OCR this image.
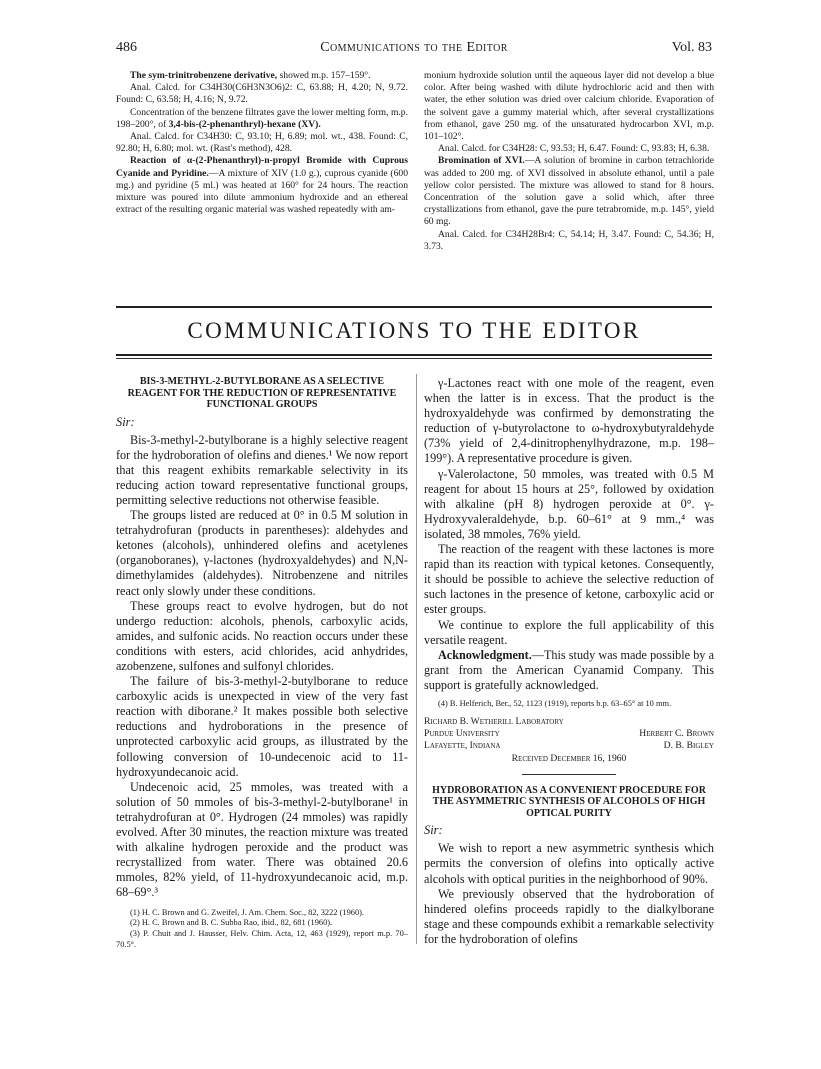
486	Communications to the Editor	Vol. 83

The sym-trinitrobenzene derivative, showed m.p. 157–159°.

Anal. Calcd. for C34H30(C6H3N3O6)2: C, 63.88; H, 4.20; N, 9.72. Found: C, 63.58; H, 4.16; N, 9.72.

Concentration of the benzene filtrates gave the lower melting form, m.p. 198–200°, of 3,4-bis-(2-phenanthryl)-hexane (XV).

Anal. Calcd. for C34H30: C, 93.10; H, 6.89; mol. wt., 438. Found: C, 92.80; H, 6.80; mol. wt. (Rast's method), 428.

Reaction of α-(2-Phenanthryl)-n-propyl Bromide with Cuprous Cyanide and Pyridine.—A mixture of XIV (1.0 g.), cuprous cyanide (600 mg.) and pyridine (5 ml.) was heated at 160° for 24 hours. The reaction mixture was poured into dilute ammonium hydroxide and an ethereal extract of the resulting organic material was washed repeatedly with am-

monium hydroxide solution until the aqueous layer did not develop a blue color. After being washed with dilute hydrochloric acid and then with water, the ether solution was dried over calcium chloride. Evaporation of the solvent gave a gummy material which, after several crystallizations from ethanol, gave 250 mg. of the unsaturated hydrocarbon XVI, m.p. 101–102°.

Anal. Calcd. for C34H28: C, 93.53; H, 6.47. Found: C, 93.83; H, 6.38.

Bromination of XVI.—A solution of bromine in carbon tetrachloride was added to 200 mg. of XVI dissolved in absolute ethanol, until a pale yellow color persisted. The mixture was allowed to stand for 8 hours. Concentration of the solution gave a solid which, after three crystallizations from ethanol, gave the pure tetrabromide, m.p. 145°, yield 60 mg.

Anal. Calcd. for C34H28Br4: C, 54.14; H, 3.47. Found: C, 54.36; H, 3.73.

COMMUNICATIONS TO THE EDITOR
BIS-3-METHYL-2-BUTYLBORANE AS A SELECTIVE REAGENT FOR THE REDUCTION OF REPRESENTATIVE FUNCTIONAL GROUPS
Sir:

Bis-3-methyl-2-butylborane is a highly selective reagent for the hydroboration of olefins and dienes.¹ We now report that this reagent exhibits remarkable selectivity in its reducing action toward representative functional groups, permitting selective reductions not otherwise feasible.

The groups listed are reduced at 0° in 0.5 M solution in tetrahydrofuran (products in parentheses): aldehydes and ketones (alcohols), unhindered olefins and acetylenes (organoboranes), γ-lactones (hydroxyaldehydes) and N,N-dimethylamides (aldehydes). Nitrobenzene and nitriles react only slowly under these conditions.

These groups react to evolve hydrogen, but do not undergo reduction: alcohols, phenols, carboxylic acids, amides, and sulfonic acids. No reaction occurs under these conditions with esters, acid chlorides, acid anhydrides, azobenzene, sulfones and sulfonyl chlorides.

The failure of bis-3-methyl-2-butylborane to reduce carboxylic acids is unexpected in view of the very fast reaction with diborane.² It makes possible both selective reductions and hydroborations in the presence of unprotected carboxylic acid groups, as illustrated by the following conversion of 10-undecenoic acid to 11-hydroxyundecanoic acid.

Undecenoic acid, 25 mmoles, was treated with a solution of 50 mmoles of bis-3-methyl-2-butylborane¹ in tetrahydrofuran at 0°. Hydrogen (24 mmoles) was rapidly evolved. After 30 minutes, the reaction mixture was treated with alkaline hydrogen peroxide and the product was recrystallized from water. There was obtained 20.6 mmoles, 82% yield, of 11-hydroxyundecanoic acid, m.p. 68–69°.³

(1) H. C. Brown and G. Zweifel, J. Am. Chem. Soc., 82, 3222 (1960).

(2) H. C. Brown and B. C. Subba Rao, ibid., 82, 681 (1960).

(3) P. Chuit and J. Hausser, Helv. Chim. Acta, 12, 463 (1929), report m.p. 70–70.5°.

γ-Lactones react with one mole of the reagent, even when the latter is in excess. That the product is the hydroxyaldehyde was confirmed by demonstrating the reduction of γ-butyrolactone to ω-hydroxybutyraldehyde (73% yield of 2,4-dinitrophenylhydrazone, m.p. 198–199°). A representative procedure is given.

γ-Valerolactone, 50 mmoles, was treated with 0.5 M reagent for about 15 hours at 25°, followed by oxidation with alkaline (pH 8) hydrogen peroxide at 0°. γ-Hydroxyvaleraldehyde, b.p. 60–61° at 9 mm.,⁴ was isolated, 38 mmoles, 76% yield.

The reaction of the reagent with these lactones is more rapid than its reaction with typical ketones. Consequently, it should be possible to achieve the selective reduction of such lactones in the presence of ketone, carboxylic acid or ester groups.

We continue to explore the full applicability of this versatile reagent.

Acknowledgment.—This study was made possible by a grant from the American Cyanamid Company. This support is gratefully acknowledged.

(4) B. Helferich, Ber., 52, 1123 (1919), reports b.p. 63–65° at 10 mm.

Richard B. Wetherill Laboratory
Purdue University	Herbert C. Brown
Lafayette, Indiana	D. B. Bigley
Received December 16, 1960
HYDROBORATION AS A CONVENIENT PROCEDURE FOR THE ASYMMETRIC SYNTHESIS OF ALCOHOLS OF HIGH OPTICAL PURITY
Sir:

We wish to report a new asymmetric synthesis which permits the conversion of olefins into optically active alcohols with optical purities in the neighborhood of 90%.

We previously observed that the hydroboration of hindered olefins proceeds rapidly to the dialkylborane stage and these compounds exhibit a remarkable selectivity for the hydroboration of olefins
